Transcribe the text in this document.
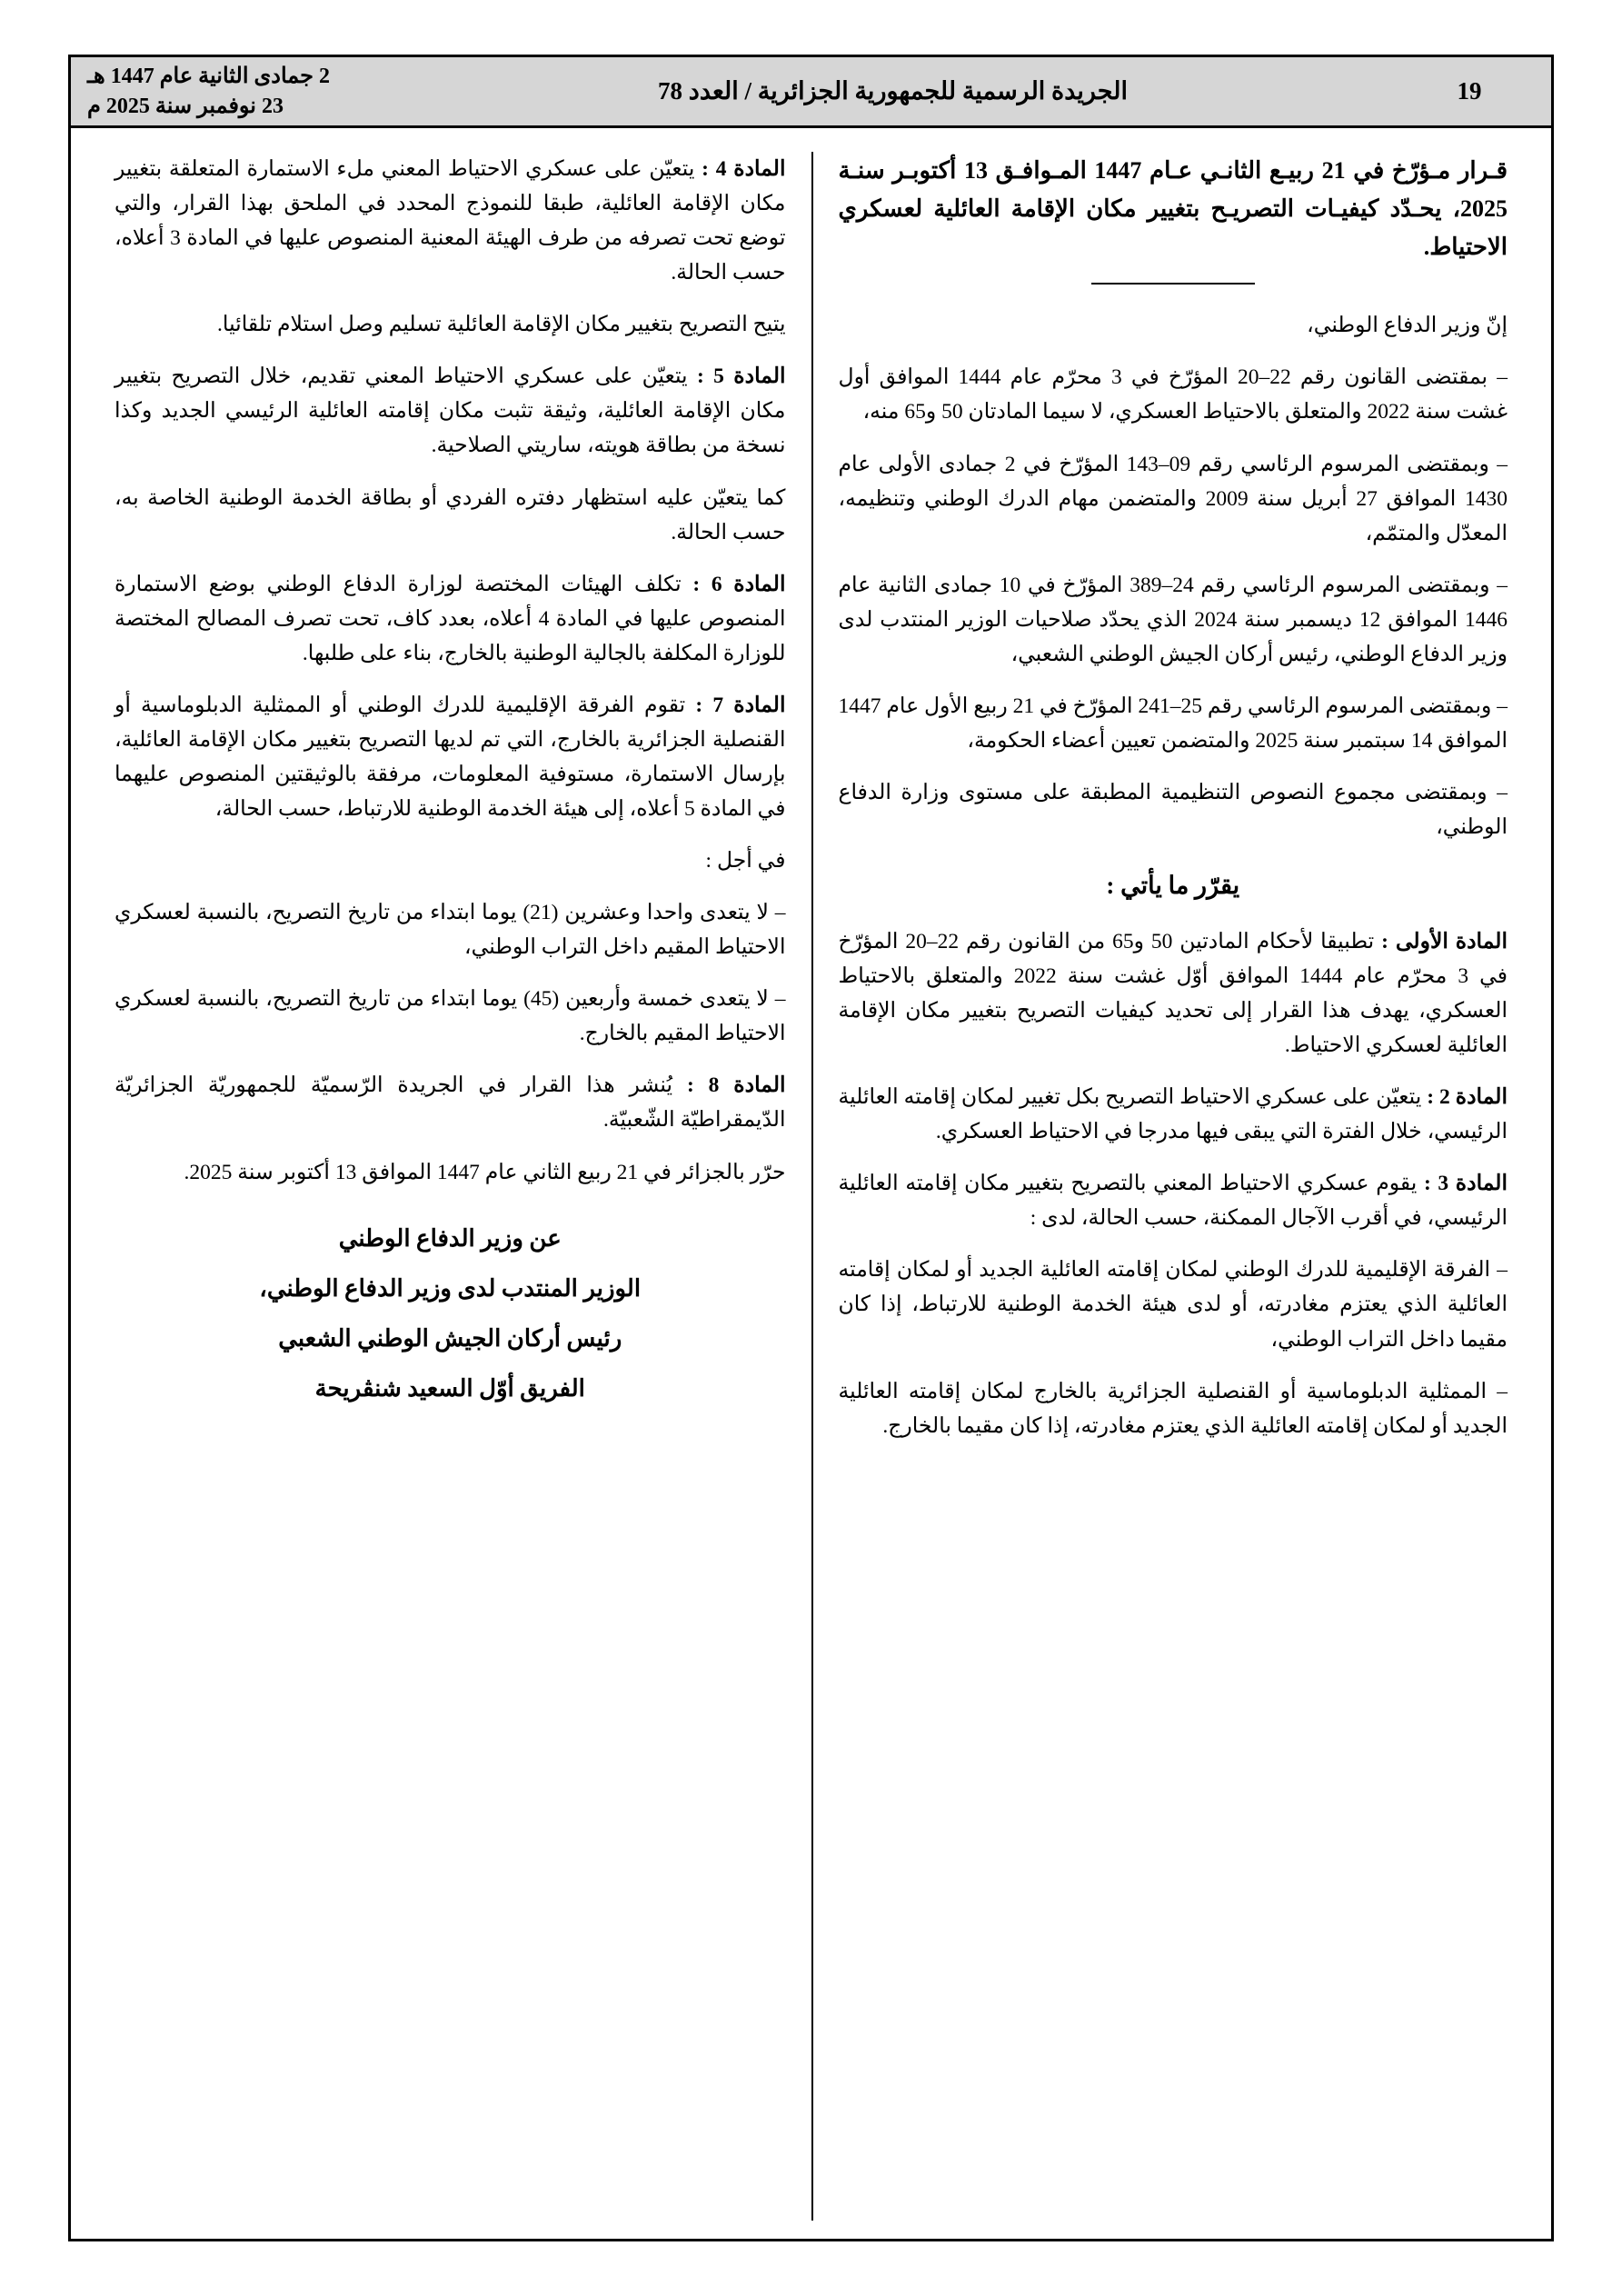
19
الجريدة الرسمية للجمهورية الجزائرية / العدد 78
2 جمادى الثانية عام 1447 هـ
23 نوفمبر سنة 2025 م
قـرار مـؤرّخ في 21 ربيـع الثانـي عـام 1447 المـوافـق 13 أكتوبـر سنـة 2025، يحـدّد كيفيـات التصريـح بتغيير مكان الإقامة العائلية لعسكري الاحتياط.

إنّ وزير الدفاع الوطني،

– بمقتضى القانون رقم 22–20 المؤرّخ في 3 محرّم عام 1444 الموافق أول غشت سنة 2022 والمتعلق بالاحتياط العسكري، لا سيما المادتان 50 و65 منه،

– وبمقتضى المرسوم الرئاسي رقم 09–143 المؤرّخ في 2 جمادى الأولى عام 1430 الموافق 27 أبريل سنة 2009 والمتضمن مهام الدرك الوطني وتنظيمه، المعدّل والمتمّم،

– وبمقتضى المرسوم الرئاسي رقم 24–389 المؤرّخ في 10 جمادى الثانية عام 1446 الموافق 12 ديسمبر سنة 2024 الذي يحدّد صلاحيات الوزير المنتدب لدى وزير الدفاع الوطني، رئيس أركان الجيش الوطني الشعبي،

– وبمقتضى المرسوم الرئاسي رقم 25–241 المؤرّخ في 21 ربيع الأول عام 1447 الموافق 14 سبتمبر سنة 2025 والمتضمن تعيين أعضاء الحكومة،

– وبمقتضى مجموع النصوص التنظيمية المطبقة على مستوى وزارة الدفاع الوطني،

يقرّر ما يأتي :

المادة الأولى : تطبيقا لأحكام المادتين 50 و65 من القانون رقم 22–20 المؤرّخ في 3 محرّم عام 1444 الموافق أوّل غشت سنة 2022 والمتعلق بالاحتياط العسكري، يهدف هذا القرار إلى تحديد كيفيات التصريح بتغيير مكان الإقامة العائلية لعسكري الاحتياط.

المادة 2 : يتعيّن على عسكري الاحتياط التصريح بكل تغيير لمكان إقامته العائلية الرئيسي، خلال الفترة التي يبقى فيها مدرجا في الاحتياط العسكري.

المادة 3 : يقوم عسكري الاحتياط المعني بالتصريح بتغيير مكان إقامته العائلية الرئيسي، في أقرب الآجال الممكنة، حسب الحالة، لدى :

– الفرقة الإقليمية للدرك الوطني لمكان إقامته العائلية الجديد أو لمكان إقامته العائلية الذي يعتزم مغادرته، أو لدى هيئة الخدمة الوطنية للارتباط، إذا كان مقيما داخل التراب الوطني،

– الممثلية الدبلوماسية أو القنصلية الجزائرية بالخارج لمكان إقامته العائلية الجديد أو لمكان إقامته العائلية الذي يعتزم مغادرته، إذا كان مقيما بالخارج.

المادة 4 : يتعيّن على عسكري الاحتياط المعني ملء الاستمارة المتعلقة بتغيير مكان الإقامة العائلية، طبقا للنموذج المحدد في الملحق بهذا القرار، والتي توضع تحت تصرفه من طرف الهيئة المعنية المنصوص عليها في المادة 3 أعلاه، حسب الحالة.

يتيح التصريح بتغيير مكان الإقامة العائلية تسليم وصل استلام تلقائيا.

المادة 5 : يتعيّن على عسكري الاحتياط المعني تقديم، خلال التصريح بتغيير مكان الإقامة العائلية، وثيقة تثبت مكان إقامته العائلية الرئيسي الجديد وكذا نسخة من بطاقة هويته، ساريتي الصلاحية.

كما يتعيّن عليه استظهار دفتره الفردي أو بطاقة الخدمة الوطنية الخاصة به، حسب الحالة.

المادة 6 : تكلف الهيئات المختصة لوزارة الدفاع الوطني بوضع الاستمارة المنصوص عليها في المادة 4 أعلاه، بعدد كاف، تحت تصرف المصالح المختصة للوزارة المكلفة بالجالية الوطنية بالخارج، بناء على طلبها.

المادة 7 : تقوم الفرقة الإقليمية للدرك الوطني أو الممثلية الدبلوماسية أو القنصلية الجزائرية بالخارج، التي تم لديها التصريح بتغيير مكان الإقامة العائلية، بإرسال الاستمارة، مستوفية المعلومات، مرفقة بالوثيقتين المنصوص عليهما في المادة 5 أعلاه، إلى هيئة الخدمة الوطنية للارتباط، حسب الحالة،

في أجل :

– لا يتعدى واحدا وعشرين (21) يوما ابتداء من تاريخ التصريح، بالنسبة لعسكري الاحتياط المقيم داخل التراب الوطني،

– لا يتعدى خمسة وأربعين (45) يوما ابتداء من تاريخ التصريح، بالنسبة لعسكري الاحتياط المقيم بالخارج.

المادة 8 : يُنشر هذا القرار في الجريدة الرّسميّة للجمهوريّة الجزائريّة الدّيمقراطيّة الشّعبيّة.

حرّر بالجزائر في 21 ربيع الثاني عام 1447 الموافق 13 أكتوبر سنة 2025.

عن وزير الدفاع الوطني
الوزير المنتدب لدى وزير الدفاع الوطني،
رئيس أركان الجيش الوطني الشعبي
الفريق أوّل السعيد شنڨريحة
